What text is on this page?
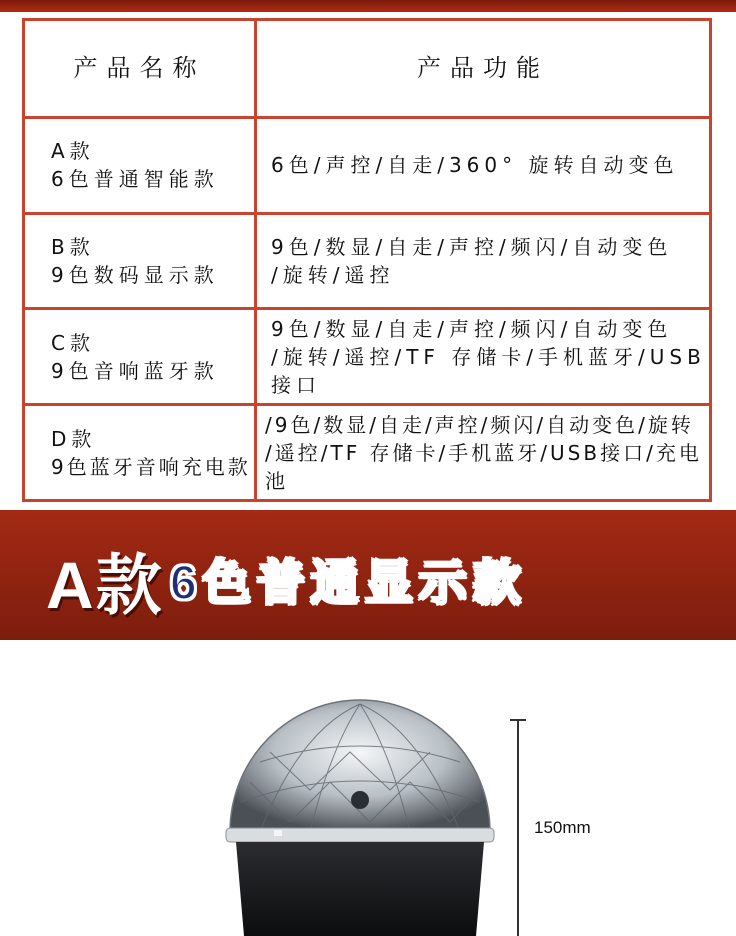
产品名称	产品功能

A款
6色普通智能款	6色/声控/自走/360° 旋转自动变色

B款
9色数码显示款	9色/数显/自走/声控/频闪/自动变色
/旋转/遥控

C款
9色音响蓝牙款	9色/数显/自走/声控/频闪/自动变色
/旋转/遥控/TF 存储卡/手机蓝牙/USB接口

D款
9色蓝牙音响充电款	/9色/数显/自走/声控/频闪/自动变色/旋转
/遥控/TF 存储卡/手机蓝牙/USB接口/充电池
A款 6色普通显示款
150mm
